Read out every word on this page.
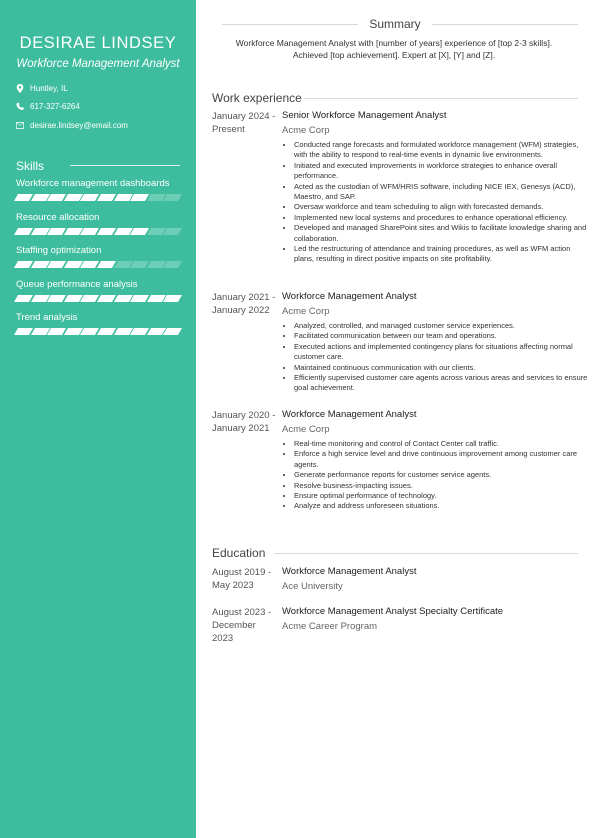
DESIRAE LINDSEY
Workforce Management Analyst
Huntley, IL
617-327-6264
desirae.lindsey@email.com
Skills
Workforce management dashboards
Resource allocation
Staffing optimization
Queue performance analysis
Trend analysis
Summary
Workforce Management Analyst with [number of years] experience of [top 2-3 skills]. Achieved [top achievement]. Expert at [X], [Y] and [Z].
Work experience
January 2024 - Present
Senior Workforce Management Analyst
Acme Corp
• Conducted range forecasts and formulated workforce management (WFM) strategies, with the ability to respond to real-time events in dynamic live environments.
• Initiated and executed improvements in workforce strategies to enhance overall performance.
• Acted as the custodian of WFM/HRIS software, including NICE IEX, Genesys (ACD), Maestro, and SAP.
• Oversaw workforce and team scheduling to align with forecasted demands.
• Implemented new local systems and procedures to enhance operational efficiency.
• Developed and managed SharePoint sites and Wikis to facilitate knowledge sharing and collaboration.
• Led the restructuring of attendance and training procedures, as well as WFM action plans, resulting in direct positive impacts on site profitability.
January 2021 - January 2022
Workforce Management Analyst
Acme Corp
• Analyzed, controlled, and managed customer service experiences.
• Facilitated communication between our team and operations.
• Executed actions and implemented contingency plans for situations affecting normal customer care.
• Maintained continuous communication with our clients.
• Efficiently supervised customer care agents across various areas and services to ensure goal achievement.
January 2020 - January 2021
Workforce Management Analyst
Acme Corp
• Real-time monitoring and control of Contact Center call traffic.
• Enforce a high service level and drive continuous improvement among customer care agents.
• Generate performance reports for customer service agents.
• Resolve business-impacting issues.
• Ensure optimal performance of technology.
• Analyze and address unforeseen situations.
Education
August 2019 - May 2023
Workforce Management Analyst
Ace University
August 2023 - December 2023
Workforce Management Analyst Specialty Certificate
Acme Career Program
